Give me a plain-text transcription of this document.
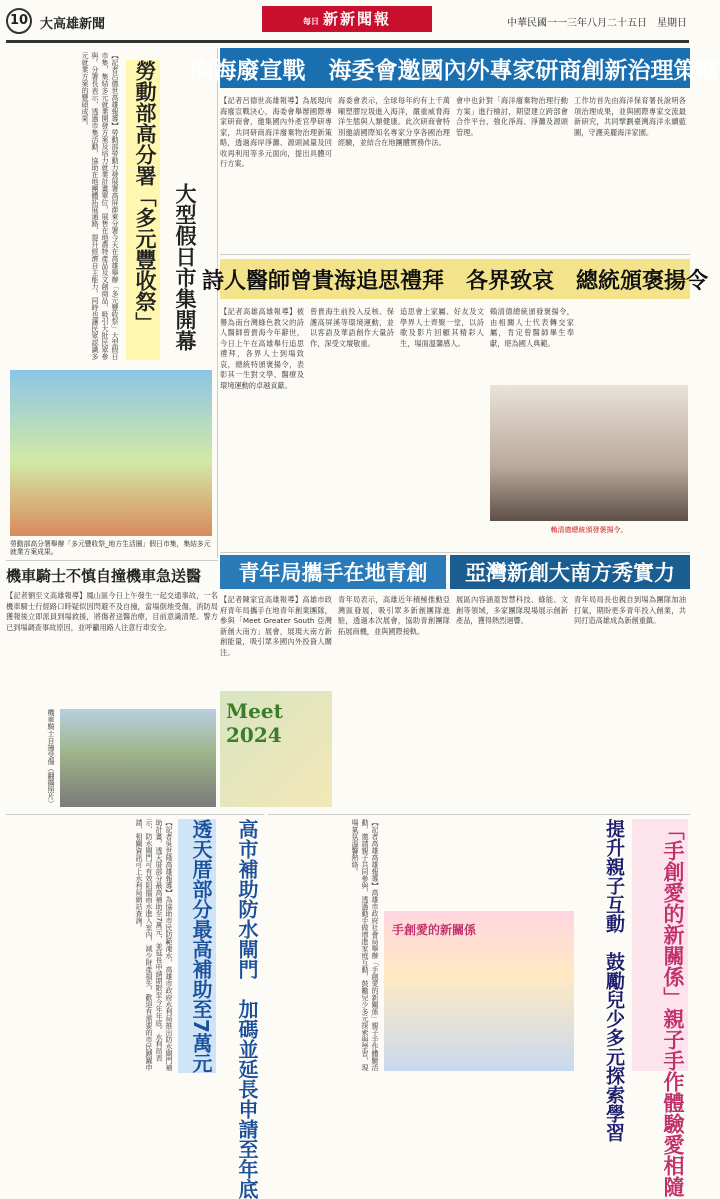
10 大高雄新聞	每日 新新聞報	中華民國一一三年八月二十五日　星期日
【記者呂德世高雄報導】勞動部勞動力發展署高屏澎東分署今天在高雄舉辦「多元豐收祭」大型假日市集，集結多元就業開發方案及培力就業計畫單位，展售在地農特產品及文創商品，吸引大批民眾參與。分署長表示，透過市集活動，協助在地團體拓展通路，提升經濟自主能力，同時也讓民眾認識多元就業方案的豐碩成果。	勞動部高分署「多元豐收祭」 大型假日市集開幕
勞動部高分署舉辦「多元豐收祭_地方生活圈」假日市集，集結多元就業方案成果。
向海廢宣戰　海委會邀國內外專家研商創新治理策略
【記者呂德世高雄報導】為展現向海廢宣戰決心，海委會舉辦國際專家研商會，邀集國內外產官學研專家，共同研商海洋廢棄物治理新策略，透過海岸淨灘、源頭減量及回收再利用等多元面向，提出具體可行方案。
海委會表示，全球每年約有上千萬噸塑膠垃圾進入海洋，嚴重威脅海洋生態與人類健康。此次研商會特別邀請國際知名專家分享各國治理經驗，並結合在地團體實務作法。
會中也針對「海洋廢棄物治理行動方案」進行檢討，期望建立跨部會合作平台，強化淨海、淨灘及源頭管理。
工作坊首先由海洋保育署長說明各項治理成果，並與國際專家交流最新研究，共同擘劃臺灣海洋永續藍圖，守護美麗海洋家園。
詩人醫師曾貴海追思禮拜　各界致哀　總統頒褒揚令
【記者高雄高雄報導】被譽為南台灣綠色教父的詩人醫師曾貴海今年辭世，今日上午在高雄舉行追思禮拜，各界人士到場致哀，總統特頒褒揚令，表彰其一生對文學、醫療及環境運動的卓越貢獻。
曾貴海生前投入反核、保護高屏溪等環境運動，並以客語及華語創作大量詩作，深受文壇敬重。
追思會上家屬、好友及文學界人士齊聚一堂，以詩歌及影片回顧其精彩人生，場面溫馨感人。
賴清德總統頒發褒揚令，由相關人士代表轉交家屬，肯定曾醫師畢生奉獻，堪為國人典範。
賴清德總統頒發褒揚令。
機車騎士不慎自撞機車急送醫
【記者劉至文高雄報導】鳳山區今日上午發生一起交通事故，一名機車騎士行經路口時疑似因閃避不及自撞，當場倒地受傷，消防局獲報後立即派員到場救援，將傷者送醫治療，目前意識清楚。警方已到場調查事故原因，並呼籲用路人注意行車安全。
機車騎士自撞受傷（翻攝照片）
青年局攜手在地青創	亞灣新創大南方秀實力
【記者陳家宜高雄報導】高雄市政府青年局攜手在地青年創業團隊，參與「Meet Greater South 亞灣新創大南方」展會，展現大南方新創能量，吸引眾多國內外投資人關注。
青年局表示，高雄近年積極推動亞灣區發展，吸引眾多新創團隊進駐，透過本次展會，協助青創團隊拓展商機，並與國際接軌。
展區內容涵蓋智慧科技、綠能、文創等領域，多家團隊現場展示創新產品，獲得熱烈迴響。
青年局局長也親自到場為團隊加油打氣，期盼更多青年投入創業，共同打造高雄成為新創重鎮。
Meet 2024
【記者吳世隆高雄報導】為協助市民防範淹水，高雄市政府水利局推出防水閘門補助計畫，透天厝部分最高補助至7萬元，並延長申請期限至今年年底。水利局表示，防水閘門可有效阻擋雨水進入室內，減少財產損失，歡迎有需要的市民踴躍申請，相關資訊可上水利局網站查詢。	透天厝部分最高補助至7萬元	高市補助防水閘門　加碼並延長申請至年底	【記者高雄高雄報導】高雄市政府社會局舉辦「手創愛的新關係」親子手作體驗活動，邀請親子共同參與，透過動手做增進家庭互動，鼓勵兒少多元探索與學習，現場氣氛溫馨熱絡。
手創愛的新關係	提升親子互動　鼓勵兒少多元探索學習	「手創愛的新關係」親子手作體驗愛相隨
